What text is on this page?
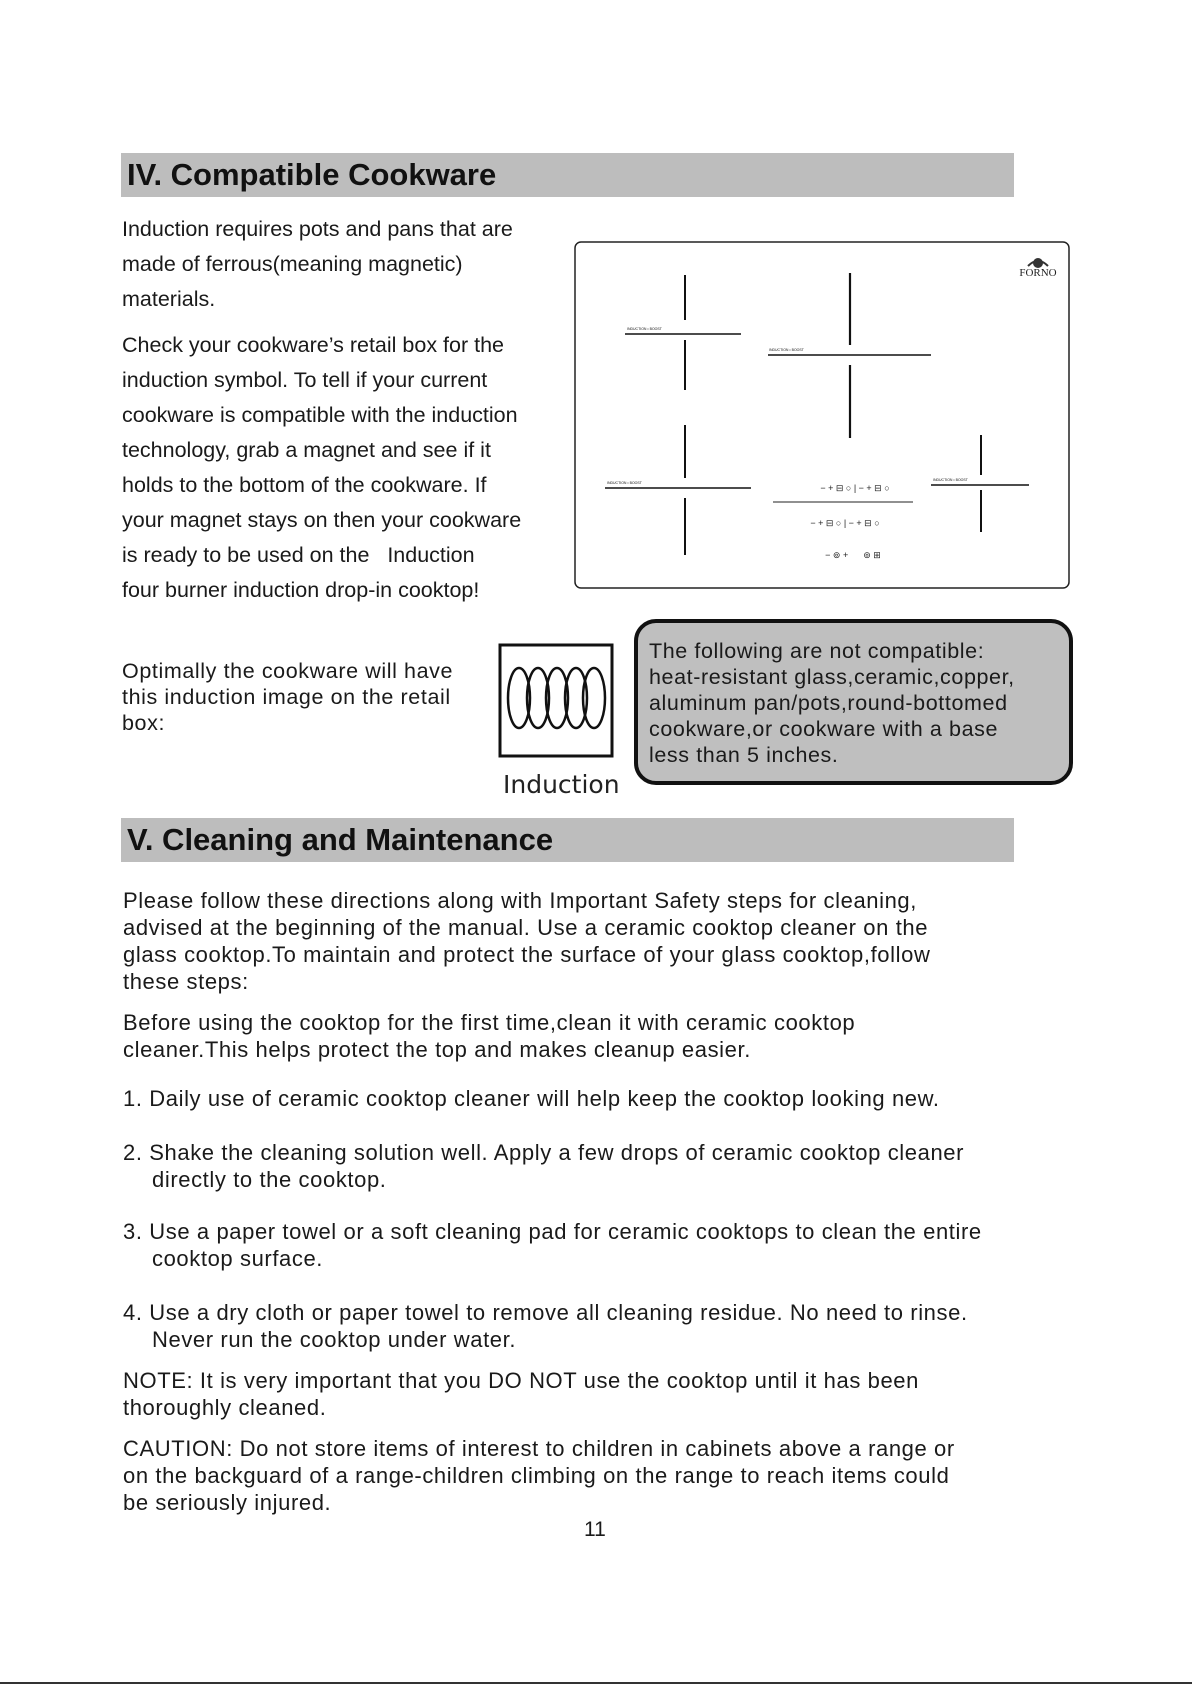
IV. Compatible Cookware
Induction requires pots and pans that are
made of ferrous(meaning magnetic)
materials.
Check your cookware’s retail box for the
induction symbol. To tell if your current
cookware is compatible with the induction
technology, grab a magnet and see if it
holds to the bottom of the cookware. If
your magnet stays on then your cookware
is ready to be used on the   Induction
four burner induction drop-in cooktop!
FORNO
INDUCTION • BOOST
INDUCTION • BOOST
INDUCTION • BOOST
INDUCTION • BOOST
− + ⊟ ○ | − + ⊟ ○
− + ⊟ ○ | − + ⊟ ○
− ⊚ +      ⊚ ⊞
Optimally the cookware will have
this induction image on the retail
box:
Induction
The following are not compatible:
heat-resistant glass,ceramic,copper,
aluminum pan/pots,round-bottomed
cookware,or cookware with a base
less than 5 inches.
V. Cleaning and Maintenance
Please follow these directions along with Important Safety steps for cleaning,
advised at the beginning of the manual. Use a ceramic cooktop cleaner on the
glass cooktop.To maintain and protect the surface of your glass cooktop,follow
these steps:
Before using the cooktop for the first time,clean it with ceramic cooktop
cleaner.This helps protect the top and makes cleanup easier.
1. Daily use of ceramic cooktop cleaner will help keep the cooktop looking new.
2. Shake the cleaning solution well. Apply a few drops of ceramic cooktop cleaner
directly to the cooktop.
3. Use a paper towel or a soft cleaning pad for ceramic cooktops to clean the entire
cooktop surface.
4. Use a dry cloth or paper towel to remove all cleaning residue. No need to rinse.
Never run the cooktop under water.
NOTE: It is very important that you DO NOT use the cooktop until it has been
thoroughly cleaned.
CAUTION: Do not store items of interest to children in cabinets above a range or
on the backguard of a range-children climbing on the range to reach items could
be seriously injured.
11
